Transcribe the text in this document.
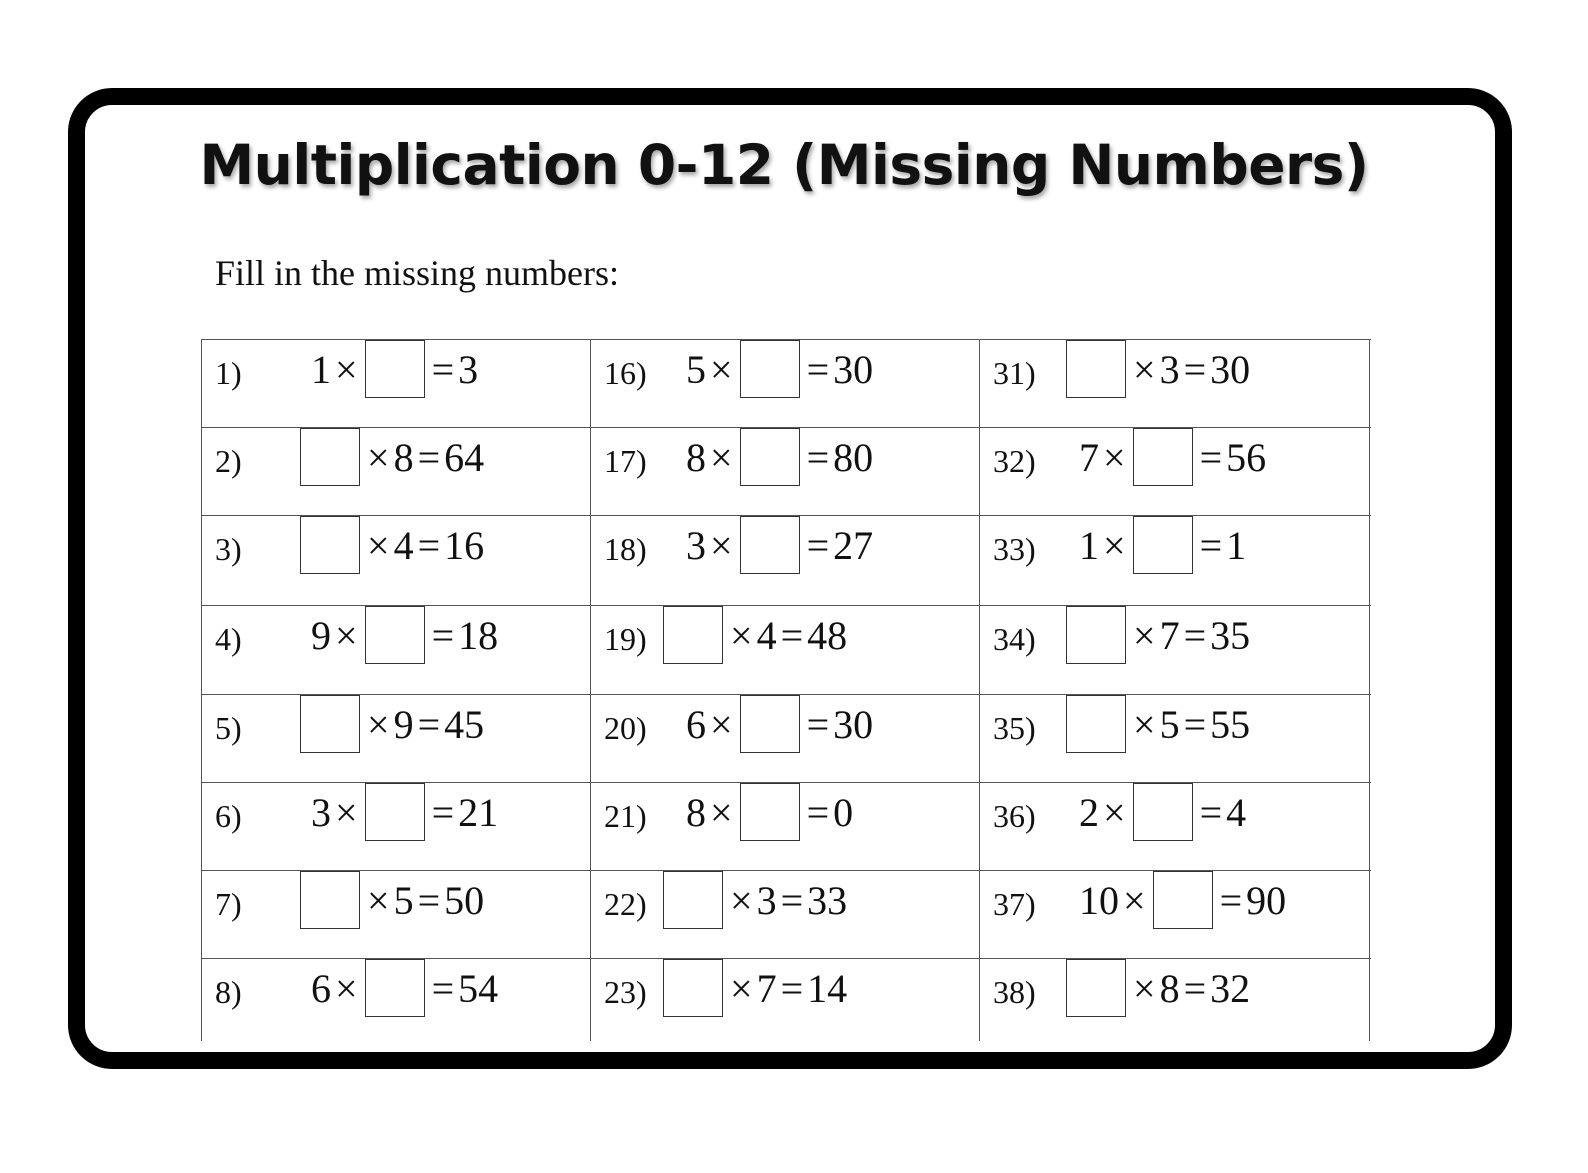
Multiplication 0-12 (Missing Numbers)
Fill in the missing numbers:
1) 1 × = 3
2)	× 8 = 64
3)	× 4 = 16
4) 9 × = 18
5)	× 9 = 45
6) 3 × = 21
7)	× 5 = 50
8) 6 × = 54
16) 5 × = 30
17) 8 × = 80
18) 3 × = 27
19) × 4 = 48
20) 6 × = 30
21) 8 × = 0
22) × 3 = 33
23) × 7 = 14
31) × 3 = 30
32) 7 × = 56
33) 1 × = 1
34) × 7 = 35
35) × 5 = 55
36) 2 × = 4
37) 10 × = 90
38) × 8 = 32
